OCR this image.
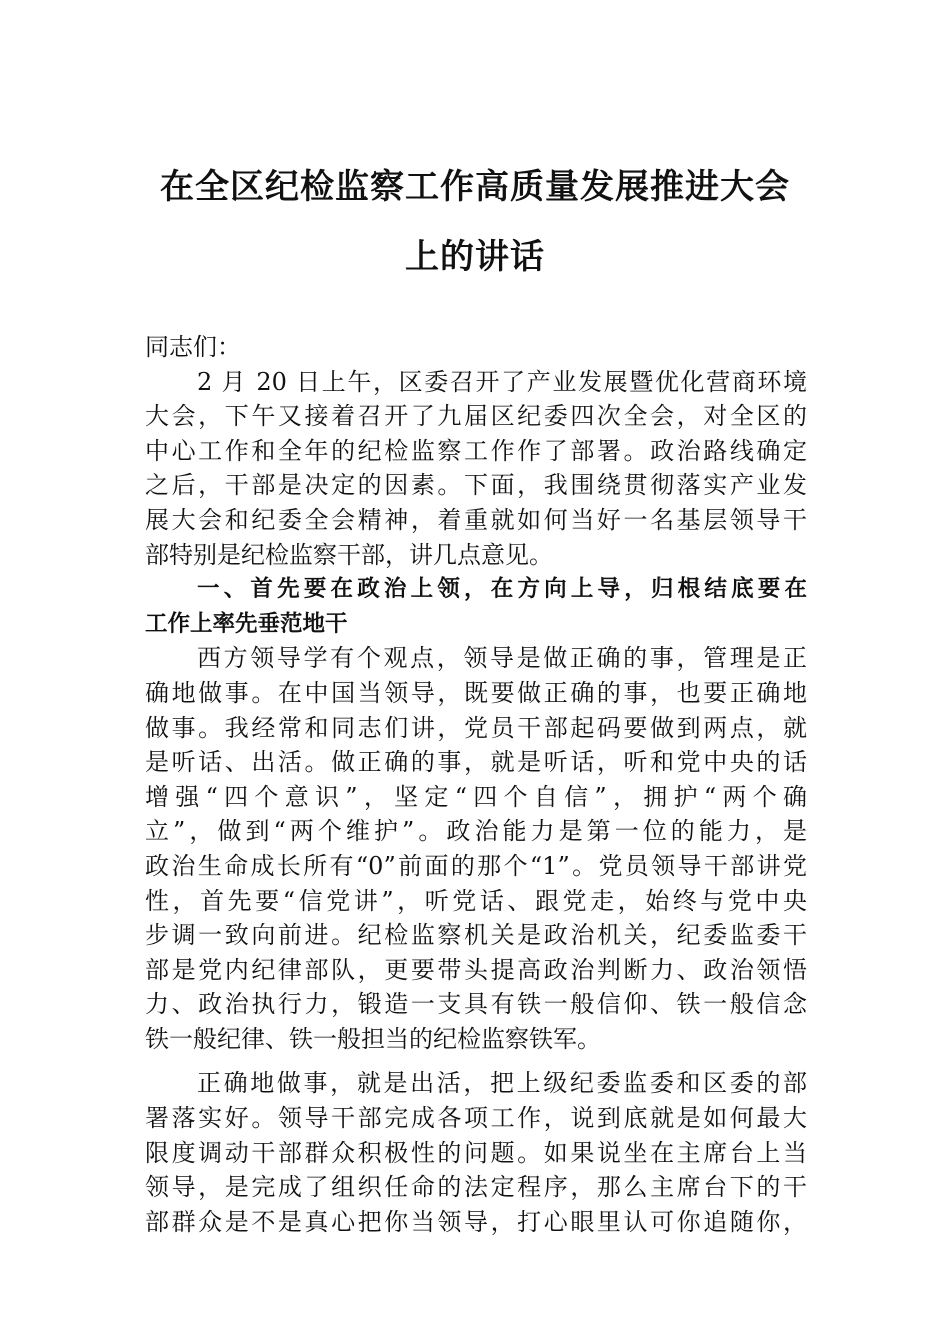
在全区纪检监察工作高质量发展推进大会
上的讲话
同志们：
2 月 20 日上午，区委召开了产业发展暨优化营商环境
大会，下午又接着召开了九届区纪委四次全会，对全区的
中心工作和全年的纪检监察工作作了部署。政治路线确定
之后，干部是决定的因素。下面，我围绕贯彻落实产业发
展大会和纪委全会精神，着重就如何当好一名基层领导干
部特别是纪检监察干部，讲几点意见。
一、首先要在政治上领，在方向上导，归根结底要在
工作上率先垂范地干
西方领导学有个观点，领导是做正确的事，管理是正
确地做事。在中国当领导，既要做正确的事，也要正确地
做事。我经常和同志们讲，党员干部起码要做到两点，就
是听话、出活。做正确的事，就是听话，听和党中央的话
增强“四个意识”，坚定“四个自信”，拥护“两个确
立”，做到“两个维护”。政治能力是第一位的能力，是
政治生命成长所有“0”前面的那个“1”。党员领导干部讲党
性，首先要“信党讲”，听党话、跟党走，始终与党中央
步调一致向前进。纪检监察机关是政治机关，纪委监委干
部是党内纪律部队，更要带头提高政治判断力、政治领悟
力、政治执行力，锻造一支具有铁一般信仰、铁一般信念
铁一般纪律、铁一般担当的纪检监察铁军。
正确地做事，就是出活，把上级纪委监委和区委的部
署落实好。领导干部完成各项工作，说到底就是如何最大
限度调动干部群众积极性的问题。如果说坐在主席台上当
领导，是完成了组织任命的法定程序，那么主席台下的干
部群众是不是真心把你当领导，打心眼里认可你追随你，
